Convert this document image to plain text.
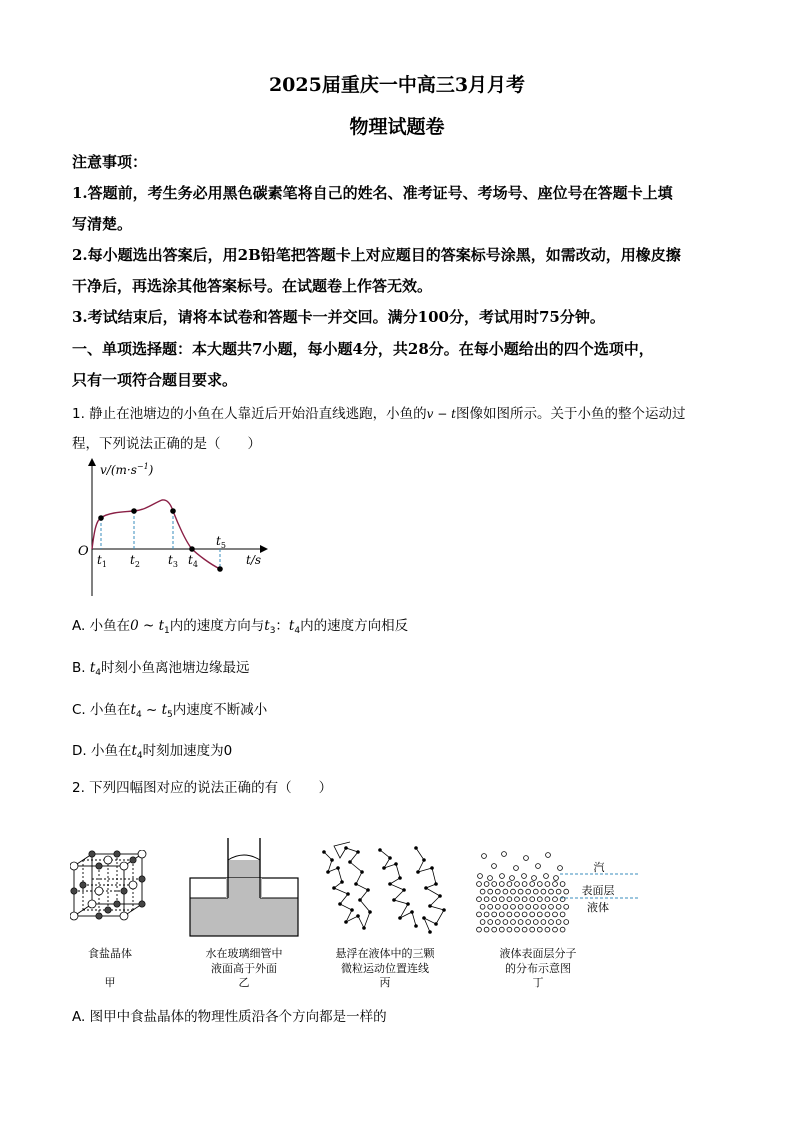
2025届重庆一中高三3月月考
物理试题卷
注意事项：
1.答题前，考生务必用黑色碳素笔将自己的姓名、准考证号、考场号、座位号在答题卡上填
写清楚。
2.每小题选出答案后，用2B铅笔把答题卡上对应题目的答案标号涂黑，如需改动，用橡皮擦
干净后，再选涂其他答案标号。在试题卷上作答无效。
3.考试结束后，请将本试卷和答题卡一并交回。满分100分，考试用时75分钟。
一、单项选择题：本大题共7小题，每小题4分，共28分。在每小题给出的四个选项中，
只有一项符合题目要求。
1. 静止在池塘边的小鱼在人靠近后开始沿直线逃跑，小鱼的v − t图像如图所示。关于小鱼的整个运动过
程，下列说法正确的是（　　）
$v/(m\cdot s^{-1})$
O
t/s
$t_1$ $t_2$ $t_3$ $t_4$
$t_5$
A. 小鱼在0 ~ $t_1$内的速度方向与$t_3$：$t_4$内的速度方向相反
B. $t_4$时刻小鱼离池塘边缘最远
C. 小鱼在$t_4$ ~ $t_5$内速度不断减小
D. 小鱼在$t_4$时刻加速度为0
2. 下列四幅图对应的说法正确的有（　　）
食盐晶体
甲
水在玻璃细管中
液面高于外面
乙
悬浮在液体中的三颗
微粒运动位置连线
丙
汽
表面层
液体
液体表面层分子
的分布示意图
丁
A. 图甲中食盐晶体的物理性质沿各个方向都是一样的
